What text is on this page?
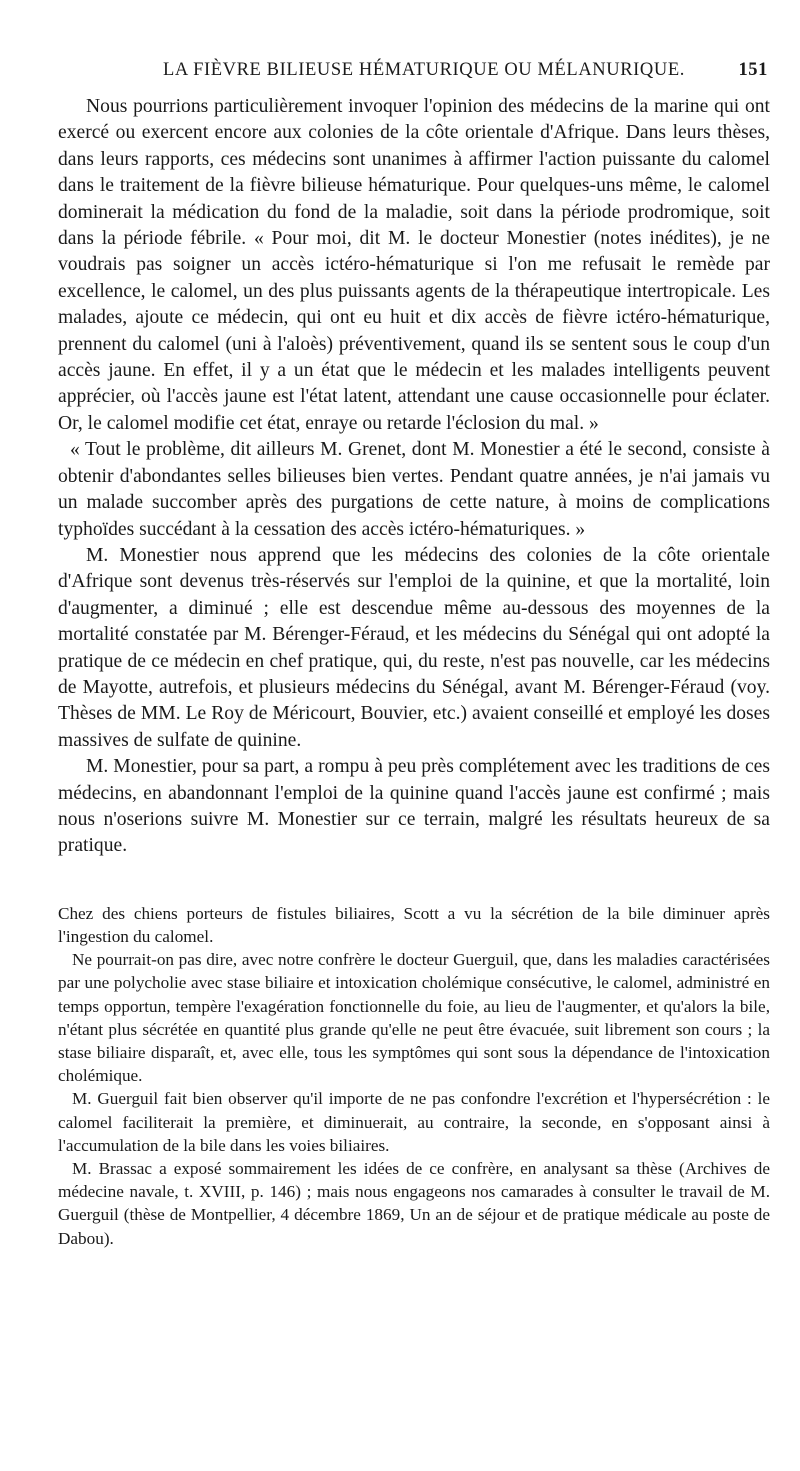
LA FIÈVRE BILIEUSE HÉMATURIQUE OU MÉLANURIQUE.	151

Nous pourrions particulièrement invoquer l'opinion des médecins de la marine qui ont exercé ou exercent encore aux colonies de la côte orientale d'Afrique. Dans leurs thèses, dans leurs rapports, ces médecins sont unanimes à affirmer l'action puissante du calomel dans le traitement de la fièvre bilieuse hématurique. Pour quelques-uns même, le calomel dominerait la médication du fond de la maladie, soit dans la période prodromique, soit dans la période fébrile. « Pour moi, dit M. le docteur Monestier (notes inédites), je ne voudrais pas soigner un accès ictéro-hématurique si l'on me refusait le remède par excellence, le calomel, un des plus puissants agents de la thérapeutique intertropicale. Les malades, ajoute ce médecin, qui ont eu huit et dix accès de fièvre ictéro-hématurique, prennent du calomel (uni à l'aloès) préventivement, quand ils se sentent sous le coup d'un accès jaune. En effet, il y a un état que le médecin et les malades intelligents peuvent apprécier, où l'accès jaune est l'état latent, attendant une cause occasionnelle pour éclater. Or, le calomel modifie cet état, enraye ou retarde l'éclosion du mal. »

« Tout le problème, dit ailleurs M. Grenet, dont M. Monestier a été le second, consiste à obtenir d'abondantes selles bilieuses bien vertes. Pendant quatre années, je n'ai jamais vu un malade succomber après des purgations de cette nature, à moins de complications typhoïdes succédant à la cessation des accès ictéro-hématuriques. »

M. Monestier nous apprend que les médecins des colonies de la côte orientale d'Afrique sont devenus très-réservés sur l'emploi de la quinine, et que la mortalité, loin d'augmenter, a diminué ; elle est descendue même au-dessous des moyennes de la mortalité constatée par M. Bérenger-Féraud, et les médecins du Sénégal qui ont adopté la pratique de ce médecin en chef pratique, qui, du reste, n'est pas nouvelle, car les médecins de Mayotte, autrefois, et plusieurs médecins du Sénégal, avant M. Bérenger-Féraud (voy. Thèses de MM. Le Roy de Méricourt, Bouvier, etc.) avaient conseillé et employé les doses massives de sulfate de quinine.

M. Monestier, pour sa part, a rompu à peu près complétement avec les traditions de ces médecins, en abandonnant l'emploi de la quinine quand l'accès jaune est confirmé ; mais nous n'oserions suivre M. Monestier sur ce terrain, malgré les résultats heureux de sa pratique.

Chez des chiens porteurs de fistules biliaires, Scott a vu la sécrétion de la bile diminuer après l'ingestion du calomel.

Ne pourrait-on pas dire, avec notre confrère le docteur Guerguil, que, dans les maladies caractérisées par une polycholie avec stase biliaire et intoxication cholémique consécutive, le calomel, administré en temps opportun, tempère l'exagération fonctionnelle du foie, au lieu de l'augmenter, et qu'alors la bile, n'étant plus sécrétée en quantité plus grande qu'elle ne peut être évacuée, suit librement son cours ; la stase biliaire disparaît, et, avec elle, tous les symptômes qui sont sous la dépendance de l'intoxication cholémique.

M. Guerguil fait bien observer qu'il importe de ne pas confondre l'excrétion et l'hypersécrétion : le calomel faciliterait la première, et diminuerait, au contraire, la seconde, en s'opposant ainsi à l'accumulation de la bile dans les voies biliaires.

M. Brassac a exposé sommairement les idées de ce confrère, en analysant sa thèse (Archives de médecine navale, t. XVIII, p. 146) ; mais nous engageons nos camarades à consulter le travail de M. Guerguil (thèse de Montpellier, 4 décembre 1869, Un an de séjour et de pratique médicale au poste de Dabou).
